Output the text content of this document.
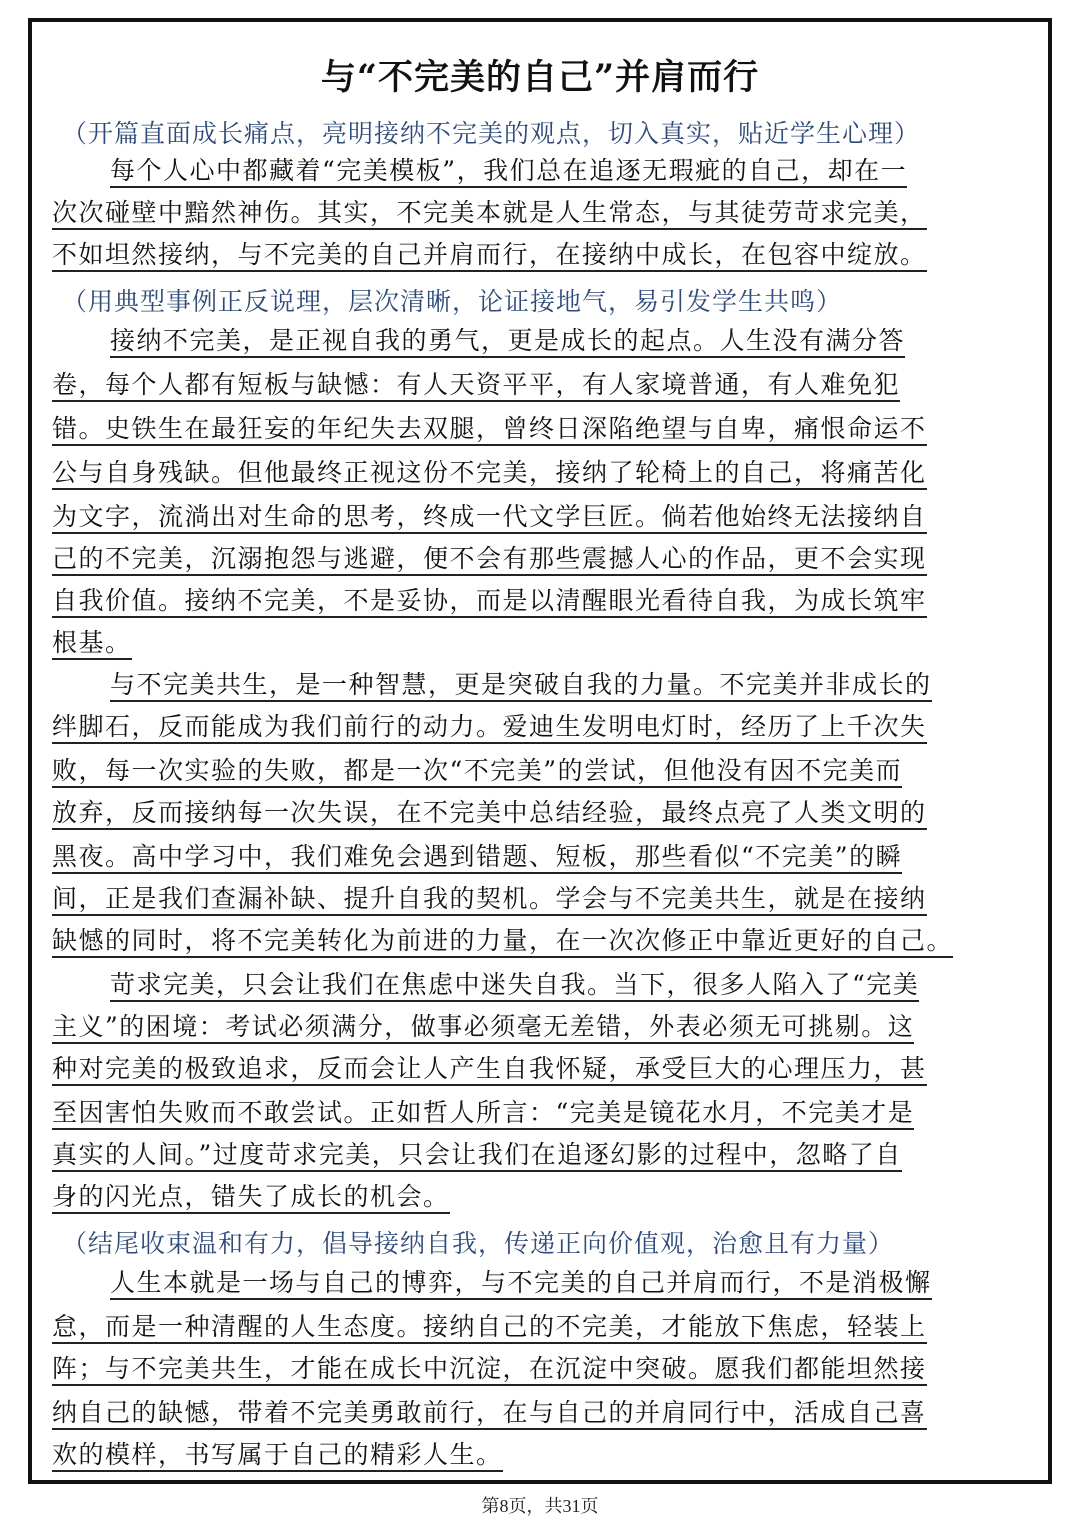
与“不完美的自己”并肩而行
（开篇直面成长痛点，亮明接纳不完美的观点，切入真实，贴近学生心理）
每个人心中都藏着“完美模板”，我们总在追逐无瑕疵的自己，却在一
次次碰壁中黯然神伤。其实，不完美本就是人生常态，与其徒劳苛求完美，
不如坦然接纳，与不完美的自己并肩而行，在接纳中成长，在包容中绽放。
（用典型事例正反说理，层次清晰，论证接地气，易引发学生共鸣）
接纳不完美，是正视自我的勇气，更是成长的起点。人生没有满分答
卷，每个人都有短板与缺憾：有人天资平平，有人家境普通，有人难免犯
错。史铁生在最狂妄的年纪失去双腿，曾终日深陷绝望与自卑，痛恨命运不
公与自身残缺。但他最终正视这份不完美，接纳了轮椅上的自己，将痛苦化
为文字，流淌出对生命的思考，终成一代文学巨匠。倘若他始终无法接纳自
己的不完美，沉溺抱怨与逃避，便不会有那些震撼人心的作品，更不会实现
自我价值。接纳不完美，不是妥协，而是以清醒眼光看待自我，为成长筑牢
根基。
与不完美共生，是一种智慧，更是突破自我的力量。不完美并非成长的
绊脚石，反而能成为我们前行的动力。爱迪生发明电灯时，经历了上千次失
败，每一次实验的失败，都是一次“不完美”的尝试，但他没有因不完美而
放弃，反而接纳每一次失误，在不完美中总结经验，最终点亮了人类文明的
黑夜。高中学习中，我们难免会遇到错题、短板，那些看似“不完美”的瞬
间，正是我们查漏补缺、提升自我的契机。学会与不完美共生，就是在接纳
缺憾的同时，将不完美转化为前进的力量，在一次次修正中靠近更好的自己。
苛求完美，只会让我们在焦虑中迷失自我。当下，很多人陷入了“完美
主义”的困境：考试必须满分，做事必须毫无差错，外表必须无可挑剔。这
种对完美的极致追求，反而会让人产生自我怀疑，承受巨大的心理压力，甚
至因害怕失败而不敢尝试。正如哲人所言：“完美是镜花水月，不完美才是
真实的人间。”过度苛求完美，只会让我们在追逐幻影的过程中，忽略了自
身的闪光点，错失了成长的机会。
（结尾收束温和有力，倡导接纳自我，传递正向价值观，治愈且有力量）
人生本就是一场与自己的博弈，与不完美的自己并肩而行，不是消极懈
怠，而是一种清醒的人生态度。接纳自己的不完美，才能放下焦虑，轻装上
阵；与不完美共生，才能在成长中沉淀，在沉淀中突破。愿我们都能坦然接
纳自己的缺憾，带着不完美勇敢前行，在与自己的并肩同行中，活成自己喜
欢的模样，书写属于自己的精彩人生。
第8页，共31页
